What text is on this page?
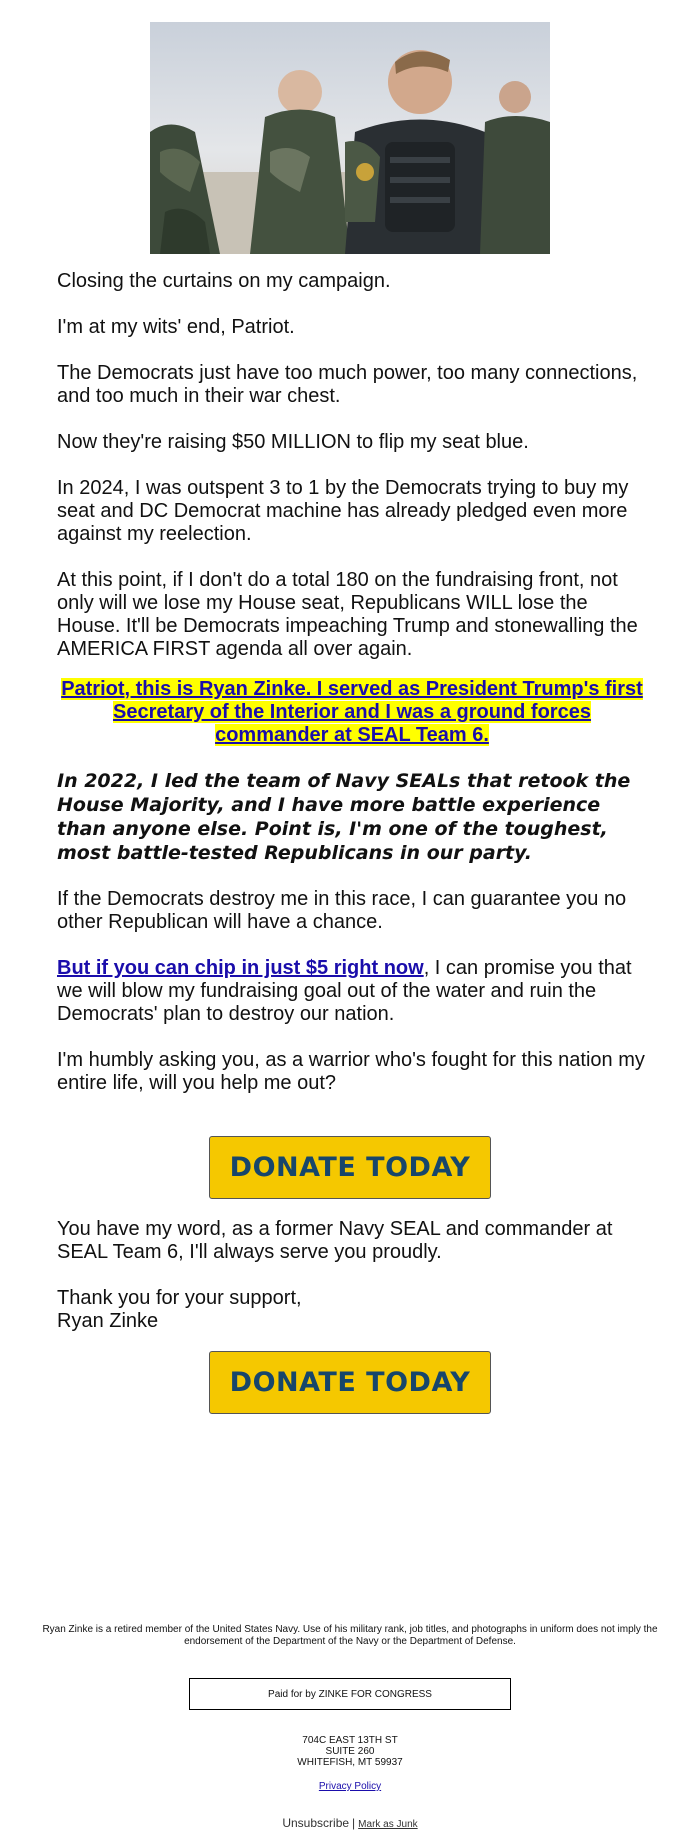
Closing the curtains on my campaign.

I'm at my wits' end, Patriot.

The Democrats just have too much power, too many connections, and too much in their war chest.

Now they're raising $50 MILLION to flip my seat blue.

In 2024, I was outspent 3 to 1 by the Democrats trying to buy my seat and DC Democrat machine has already pledged even more against my reelection.

At this point, if I don't do a total 180 on the fundraising front, not only will we lose my House seat, Republicans WILL lose the House. It'll be Democrats impeaching Trump and stonewalling the AMERICA FIRST agenda all over again.

Patriot, this is Ryan Zinke. I served as President Trump's first Secretary of the Interior and I was a ground forces commander at SEAL Team 6.

In 2022, I led the team of Navy SEALs that retook the House Majority, and I have more battle experience than anyone else. Point is, I'm one of the toughest, most battle-tested Republicans in our party.

If the Democrats destroy me in this race, I can guarantee you no other Republican will have a chance.

But if you can chip in just $5 right now, I can promise you that we will blow my fundraising goal out of the water and ruin the Democrats' plan to destroy our nation.

I'm humbly asking you, as a warrior who's fought for this nation my entire life, will you help me out?

DONATE TODAY

You have my word, as a former Navy SEAL and commander at SEAL Team 6, I'll always serve you proudly.

Thank you for your support,
Ryan Zinke
DONATE TODAY
Ryan Zinke is a retired member of the United States Navy. Use of his military rank, job titles, and photographs in uniform does not imply the endorsement of the Department of the Navy or the Department of Defense.
Paid for by ZINKE FOR CONGRESS
704C EAST 13TH ST
SUITE 260
WHITEFISH, MT 59937
Privacy Policy
Unsubscribe | Mark as Junk
